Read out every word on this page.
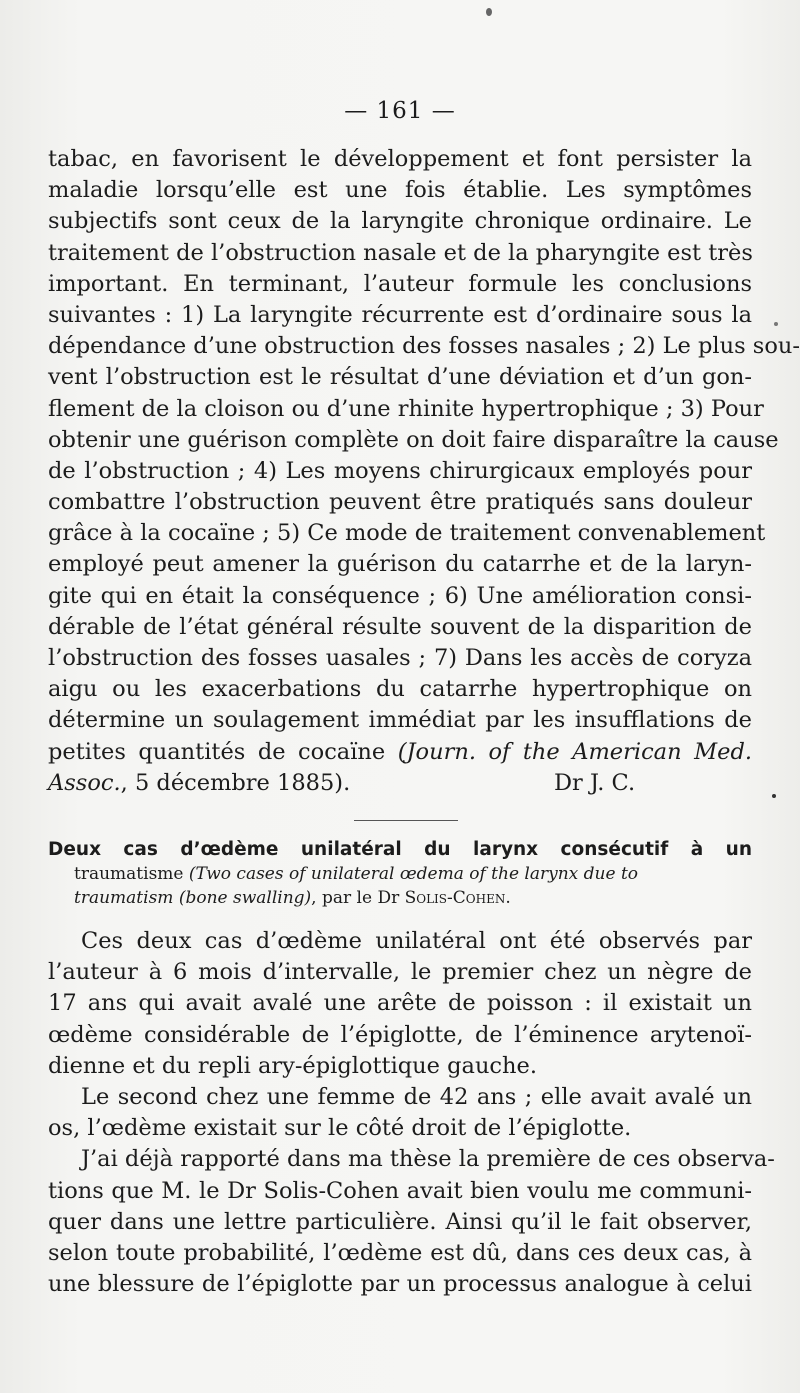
— 161 —
tabac, en favorisent le développement et font persister la
maladie lorsqu’elle est une fois établie. Les symptômes
subjectifs sont ceux de la laryngite chronique ordinaire. Le
traitement de l’obstruction nasale et de la pharyngite est très
important. En terminant, l’auteur formule les conclusions
suivantes : 1) La laryngite récurrente est d’ordinaire sous la
dépendance d’une obstruction des fosses nasales ; 2) Le plus sou-
vent l’obstruction est le résultat d’une déviation et d’un gon-
flement de la cloison ou d’une rhinite hypertrophique ; 3) Pour
obtenir une guérison complète on doit faire disparaître la cause
de l’obstruction ; 4) Les moyens chirurgicaux employés pour
combattre l’obstruction peuvent être pratiqués sans douleur
grâce à la cocaïne ; 5) Ce mode de traitement convenablement
employé peut amener la guérison du catarrhe et de la laryn-
gite qui en était la conséquence ; 6) Une amélioration consi-
dérable de l’état général résulte souvent de la disparition de
l’obstruction des fosses uasales ; 7) Dans les accès de coryza
aigu ou les exacerbations du catarrhe hypertrophique on
détermine un soulagement immédiat par les insufflations de
petites quantités de cocaïne (Journ. of the American Med.
Assoc., 5 décembre 1885).	Dr J. C.
Deux cas d’œdème unilatéral du larynx consécutif à un
traumatisme (Two cases of unilateral œdema of the larynx due to
traumatism (bone swalling), par le Dr Solis-Cohen.
Ces deux cas d’œdème unilatéral ont été observés par
l’auteur à 6 mois d’intervalle, le premier chez un nègre de
17 ans qui avait avalé une arête de poisson : il existait un
œdème considérable de l’épiglotte, de l’éminence arytenoï-
dienne et du repli ary-épiglottique gauche.
Le second chez une femme de 42 ans ; elle avait avalé un
os, l’œdème existait sur le côté droit de l’épiglotte.
J’ai déjà rapporté dans ma thèse la première de ces observa-
tions que M. le Dr Solis-Cohen avait bien voulu me communi-
quer dans une lettre particulière. Ainsi qu’il le fait observer,
selon toute probabilité, l’œdème est dû, dans ces deux cas, à
une blessure de l’épiglotte par un processus analogue à celui
